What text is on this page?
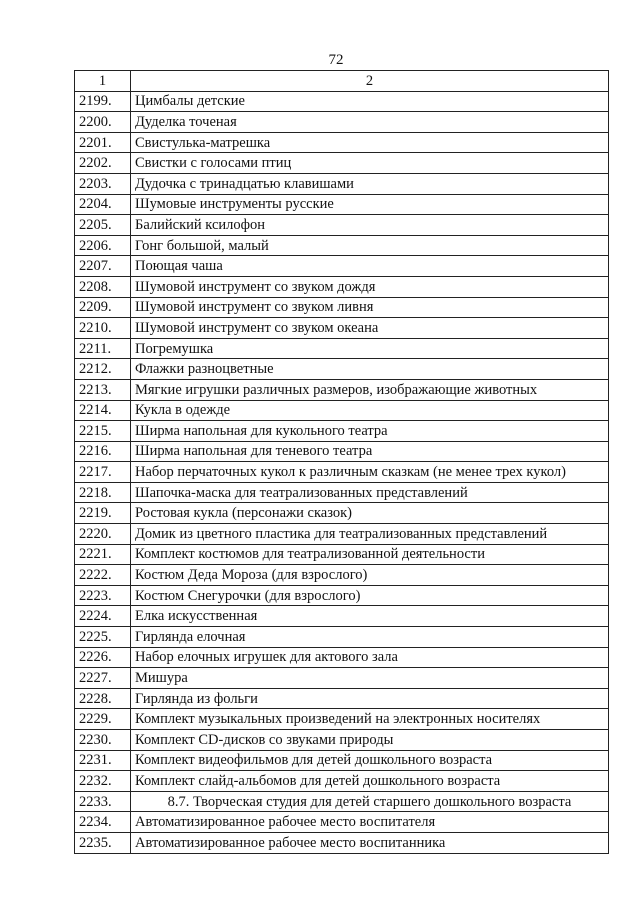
72
1	2
2199.	Цимбалы детские
2200.	Дуделка точеная
2201.	Свистулька-матрешка
2202.	Свистки с голосами птиц
2203.	Дудочка с тринадцатью клавишами
2204.	Шумовые инструменты русские
2205.	Балийский ксилофон
2206.	Гонг большой, малый
2207.	Поющая чаша
2208.	Шумовой инструмент со звуком дождя
2209.	Шумовой инструмент со звуком ливня
2210.	Шумовой инструмент со звуком океана
2211.	Погремушка
2212.	Флажки разноцветные
2213.	Мягкие игрушки различных размеров, изображающие животных
2214.	Кукла в одежде
2215.	Ширма напольная для кукольного театра
2216.	Ширма напольная для теневого театра
2217.	Набор перчаточных кукол к различным сказкам (не менее трех кукол)
2218.	Шапочка-маска для театрализованных представлений
2219.	Ростовая кукла (персонажи сказок)
2220.	Домик из цветного пластика для театрализованных представлений
2221.	Комплект костюмов для театрализованной деятельности
2222.	Костюм Деда Мороза (для взрослого)
2223.	Костюм Снегурочки (для взрослого)
2224.	Елка искусственная
2225.	Гирлянда елочная
2226.	Набор елочных игрушек для актового зала
2227.	Мишура
2228.	Гирлянда из фольги
2229.	Комплект музыкальных произведений на электронных носителях
2230.	Комплект CD-дисков со звуками природы
2231.	Комплект видеофильмов для детей дошкольного возраста
2232.	Комплект слайд-альбомов для детей дошкольного возраста
2233.	8.7. Творческая студия для детей старшего дошкольного возраста
2234.	Автоматизированное рабочее место воспитателя
2235.	Автоматизированное рабочее место воспитанника
